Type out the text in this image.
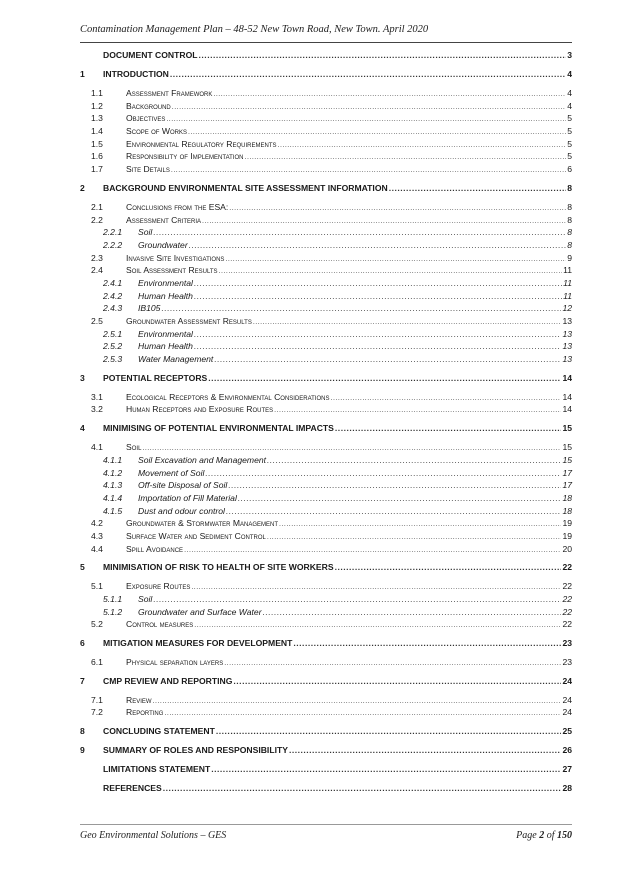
Contamination Management Plan – 48-52 New Town Road, New Town. April 2020
DOCUMENT CONTROL .....	3
1	INTRODUCTION .....	4
1.1	Assessment Framework .....	4
1.2	Background .....	4
1.3	Objectives .....	5
1.4	Scope of Works .....	5
1.5	Environmental Regulatory Requirements .....	5
1.6	Responsibility of Implementation .....	5
1.7	Site Details .....	6
2	BACKGROUND ENVIRONMENTAL SITE ASSESSMENT INFORMATION .....	8
2.1	Conclusions from the ESA: .....	8
2.2	Assessment Criteria .....	8
2.2.1	Soil .....	8
2.2.2	Groundwater .....	8
2.3	Invasive Site Investigations .....	9
2.4	Soil Assessment Results .....	11
2.4.1	Environmental .....	11
2.4.2	Human Health .....	11
2.4.3	IB105 .....	12
2.5	Groundwater Assessment Results .....	13
2.5.1	Environmental .....	13
2.5.2	Human Health .....	13
2.5.3	Water Management .....	13
3	POTENTIAL RECEPTORS .....	14
3.1	Ecological Receptors & Environmental Considerations .....	14
3.2	Human Receptors and Exposure Routes .....	14
4	MINIMISING OF POTENTIAL ENVIRONMENTAL IMPACTS .....	15
4.1	Soil .....	15
4.1.1	Soil Excavation and Management .....	15
4.1.2	Movement of Soil .....	17
4.1.3	Off-site Disposal of Soil .....	17
4.1.4	Importation of Fill Material .....	18
4.1.5	Dust and odour control .....	18
4.2	Groundwater & Stormwater Management .....	19
4.3	Surface Water and Sediment Control .....	19
4.4	Spill Avoidance .....	20
5	MINIMISATION OF RISK TO HEALTH OF SITE WORKERS .....	22
5.1	Exposure Routes .....	22
5.1.1	Soil .....	22
5.1.2	Groundwater and Surface Water .....	22
5.2	Control measures .....	22
6	MITIGATION MEASURES FOR DEVELOPMENT .....	23
6.1	Physical separation layers .....	23
7	CMP REVIEW AND REPORTING .....	24
7.1	Review .....	24
7.2	Reporting .....	24
8	CONCLUDING STATEMENT .....	25
9	SUMMARY OF ROLES AND RESPONSIBILITY .....	26
LIMITATIONS STATEMENT .....	27
REFERENCES .....	28
Geo Environmental Solutions – GES	Page 2 of 150
